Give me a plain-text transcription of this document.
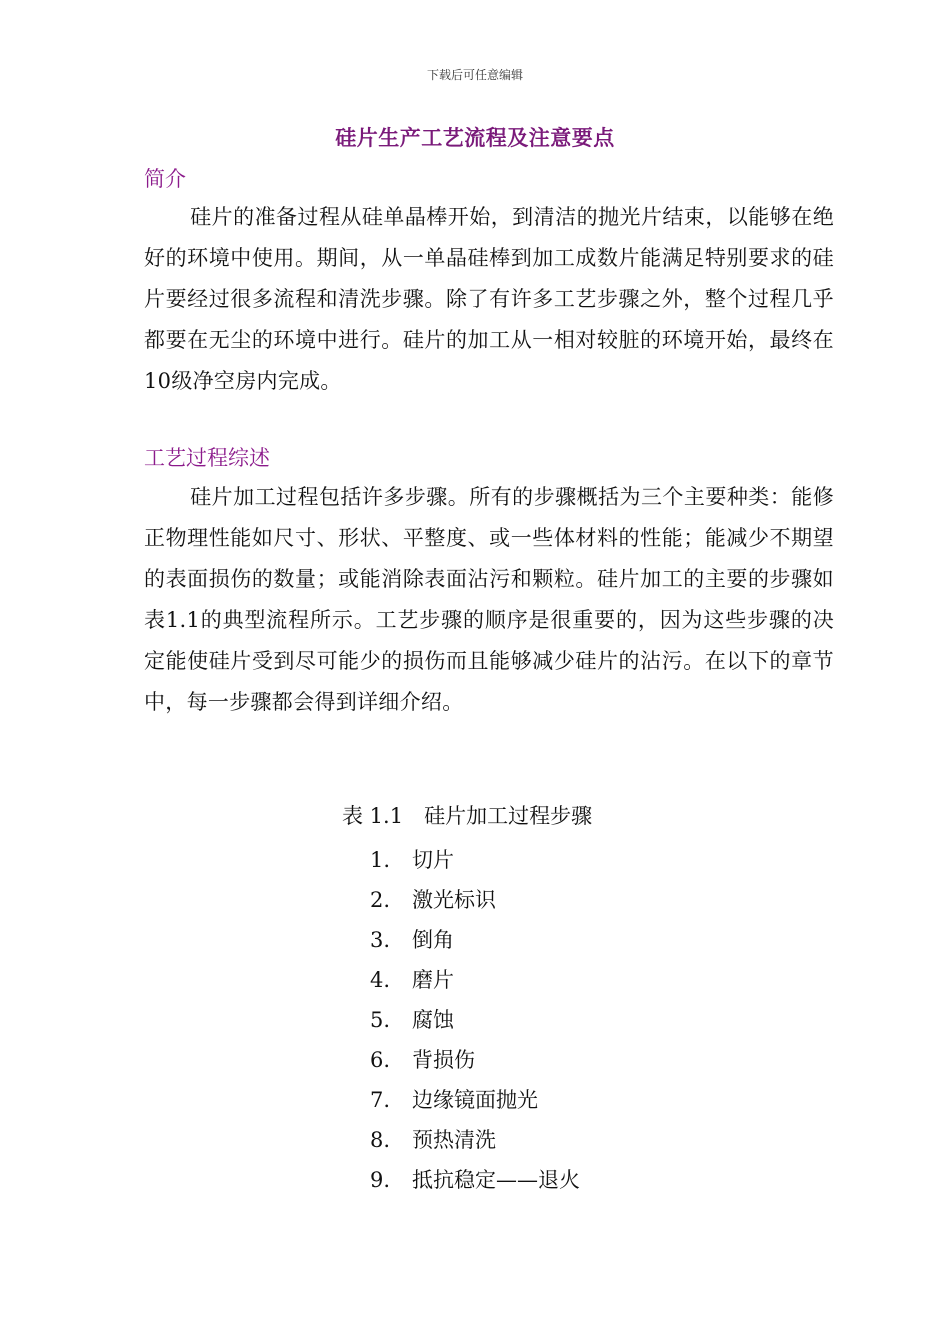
下载后可任意编辑
硅片生产工艺流程及注意要点
简介

硅片的准备过程从硅单晶棒开始，到清洁的抛光片结束，以能够在绝好的环境中使用。期间，从一单晶硅棒到加工成数片能满足特别要求的硅片要经过很多流程和清洗步骤。除了有许多工艺步骤之外，整个过程几乎都要在无尘的环境中进行。硅片的加工从一相对较脏的环境开始，最终在10级净空房内完成。

工艺过程综述

硅片加工过程包括许多步骤。所有的步骤概括为三个主要种类：能修正物理性能如尺寸、形状、平整度、或一些体材料的性能；能减少不期望的表面损伤的数量；或能消除表面沾污和颗粒。硅片加工的主要的步骤如表1.1的典型流程所示。工艺步骤的顺序是很重要的，因为这些步骤的决定能使硅片受到尽可能少的损伤而且能够减少硅片的沾污。在以下的章节中，每一步骤都会得到详细介绍。

表 1.1　硅片加工过程步骤
1. 切片
2. 激光标识
3. 倒角
4. 磨片
5. 腐蚀
6. 背损伤
7. 边缘镜面抛光
8. 预热清洗
9. 抵抗稳定——退火
